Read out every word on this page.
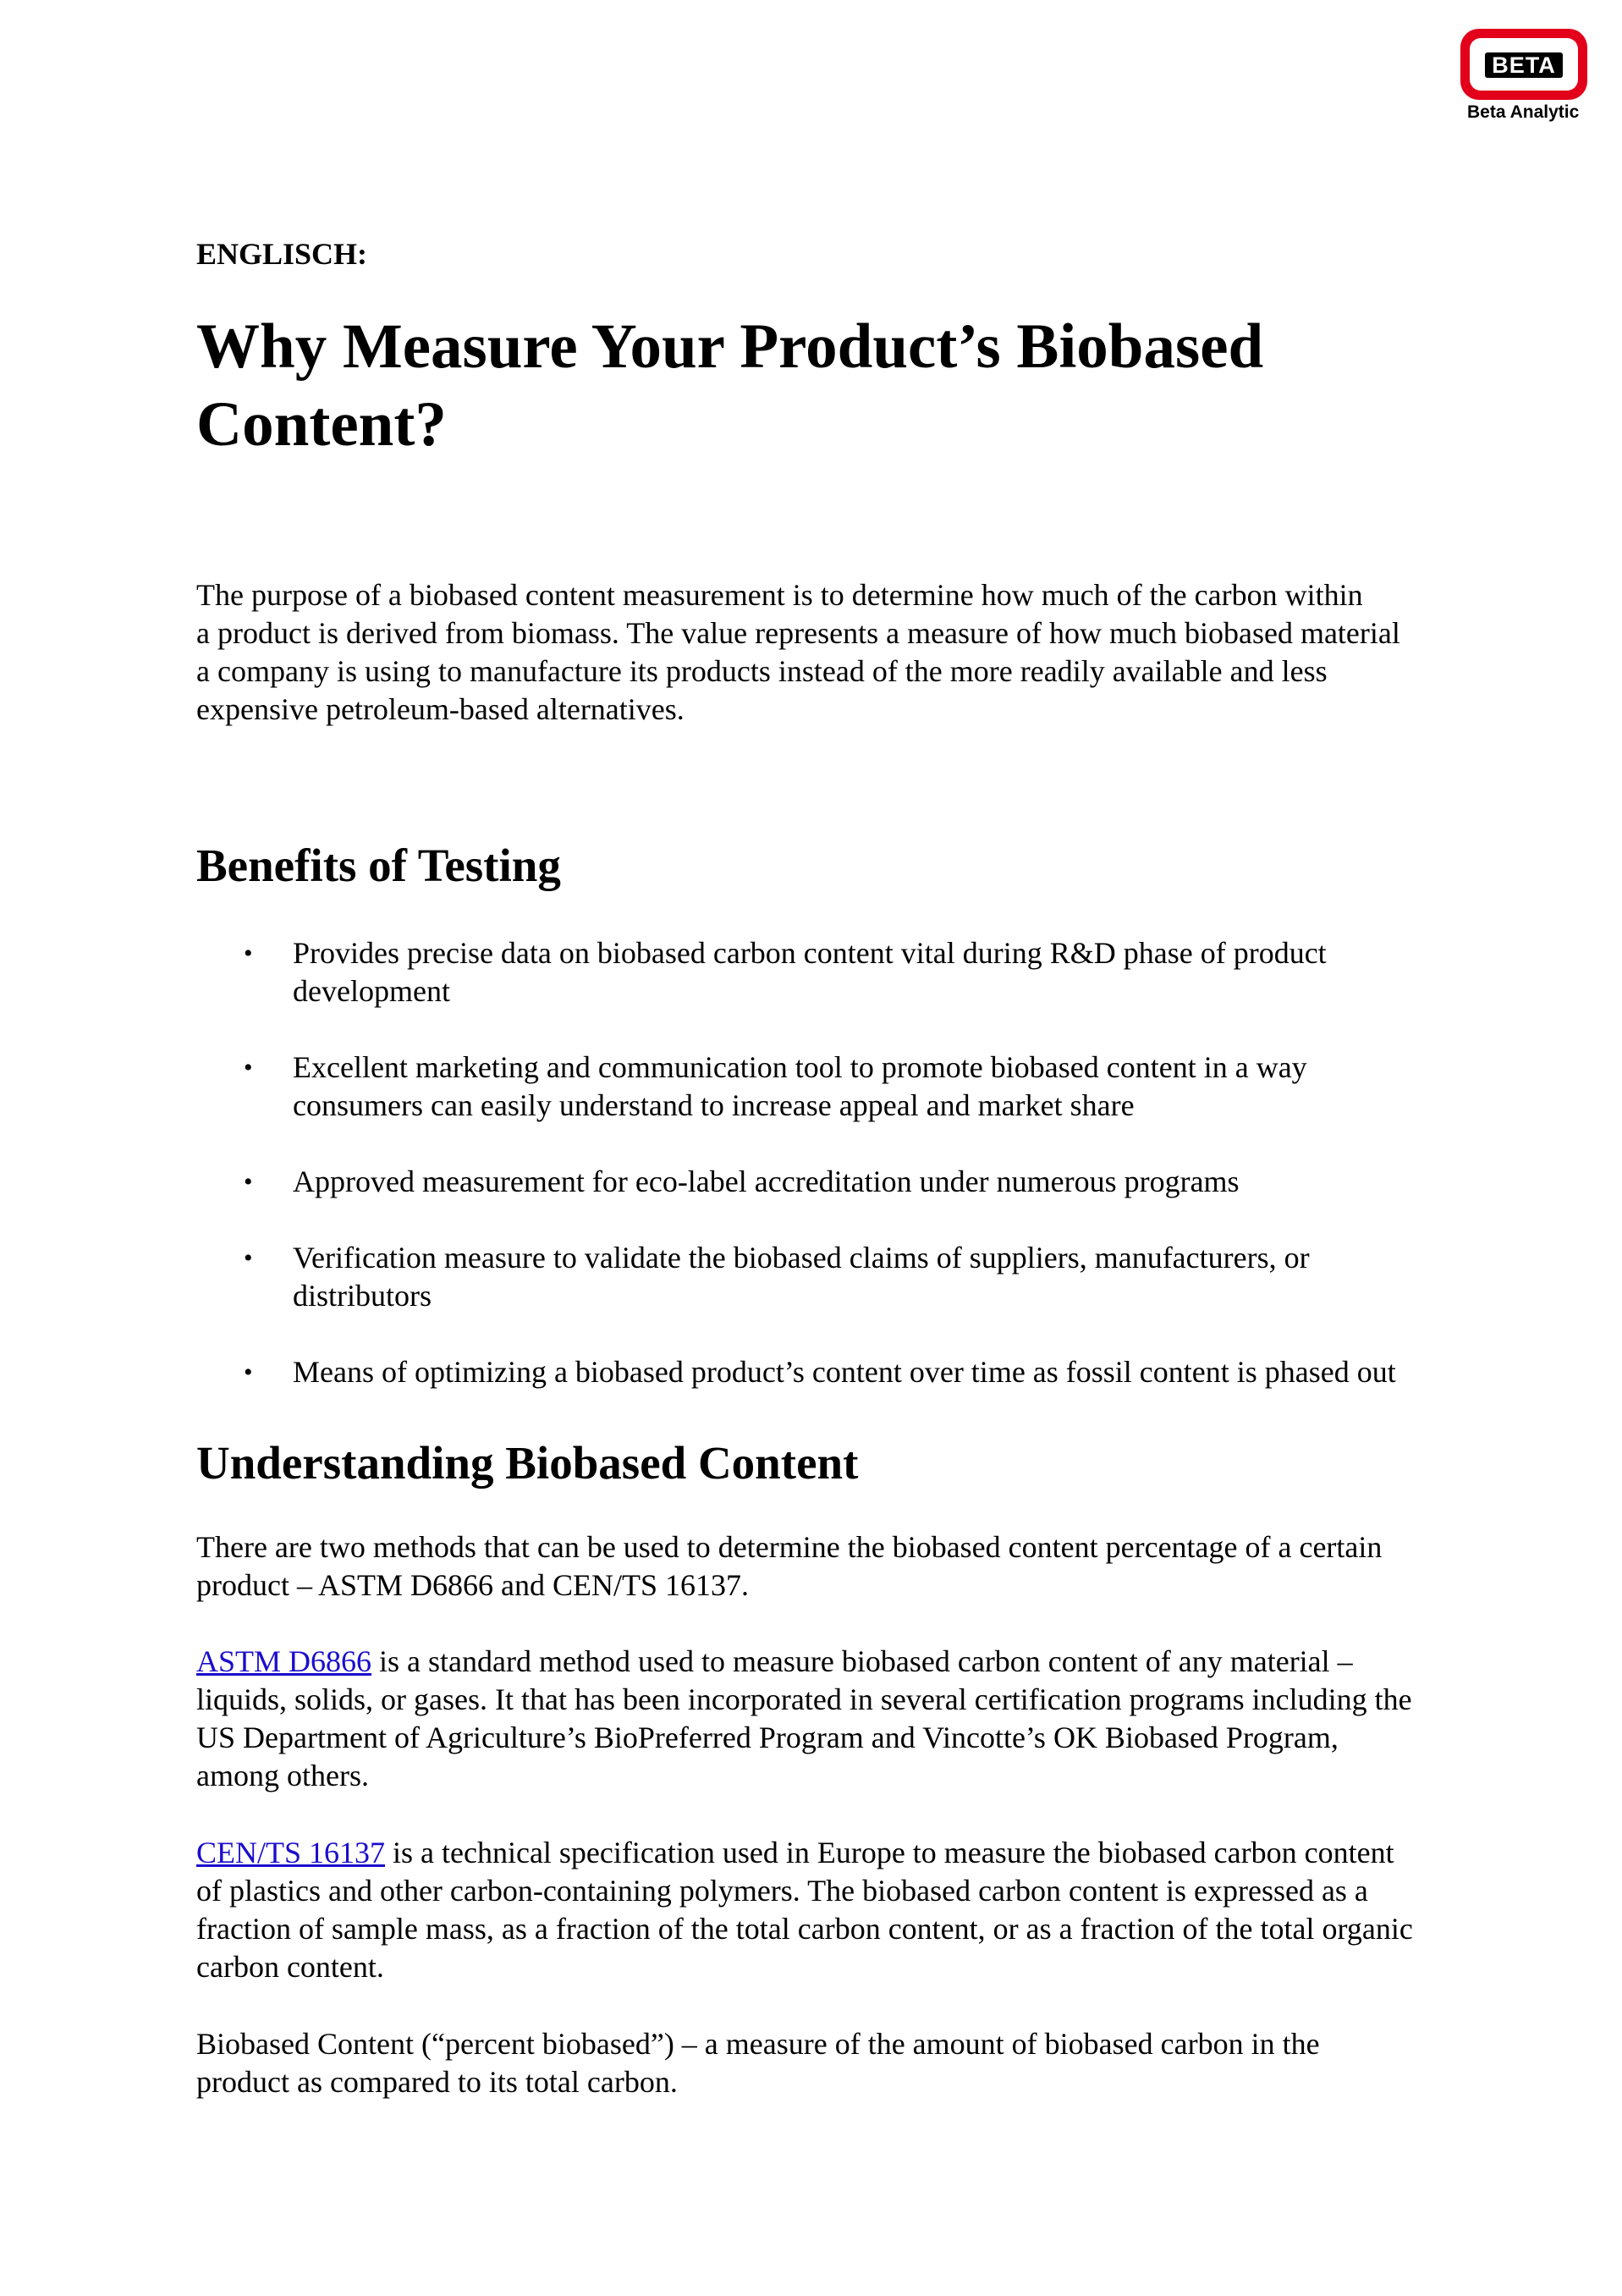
BETA
Beta Analytic
ENGLISCH:
Why Measure Your Product’s Biobased
Content?

The purpose of a biobased content measurement is to determine how much of the carbon within
a product is derived from biomass. The value represents a measure of how much biobased material
a company is using to manufacture its products instead of the more readily available and less
expensive petroleum-based alternatives.

Benefits of Testing
• Provides precise data on biobased carbon content vital during R&D phase of product
development
• Excellent marketing and communication tool to promote biobased content in a way
consumers can easily understand to increase appeal and market share
• Approved measurement for eco-label accreditation under numerous programs
• Verification measure to validate the biobased claims of suppliers, manufacturers, or
distributors
• Means of optimizing a biobased product’s content over time as fossil content is phased out
Understanding Biobased Content

There are two methods that can be used to determine the biobased content percentage of a certain
product – ASTM D6866 and CEN/TS 16137.

ASTM D6866 is a standard method used to measure biobased carbon content of any material –
liquids, solids, or gases. It that has been incorporated in several certification programs including the
US Department of Agriculture’s BioPreferred Program and Vincotte’s OK Biobased Program,
among others.

CEN/TS 16137 is a technical specification used in Europe to measure the biobased carbon content
of plastics and other carbon-containing polymers. The biobased carbon content is expressed as a
fraction of sample mass, as a fraction of the total carbon content, or as a fraction of the total organic
carbon content.

Biobased Content (“percent biobased”) – a measure of the amount of biobased carbon in the
product as compared to its total carbon.
